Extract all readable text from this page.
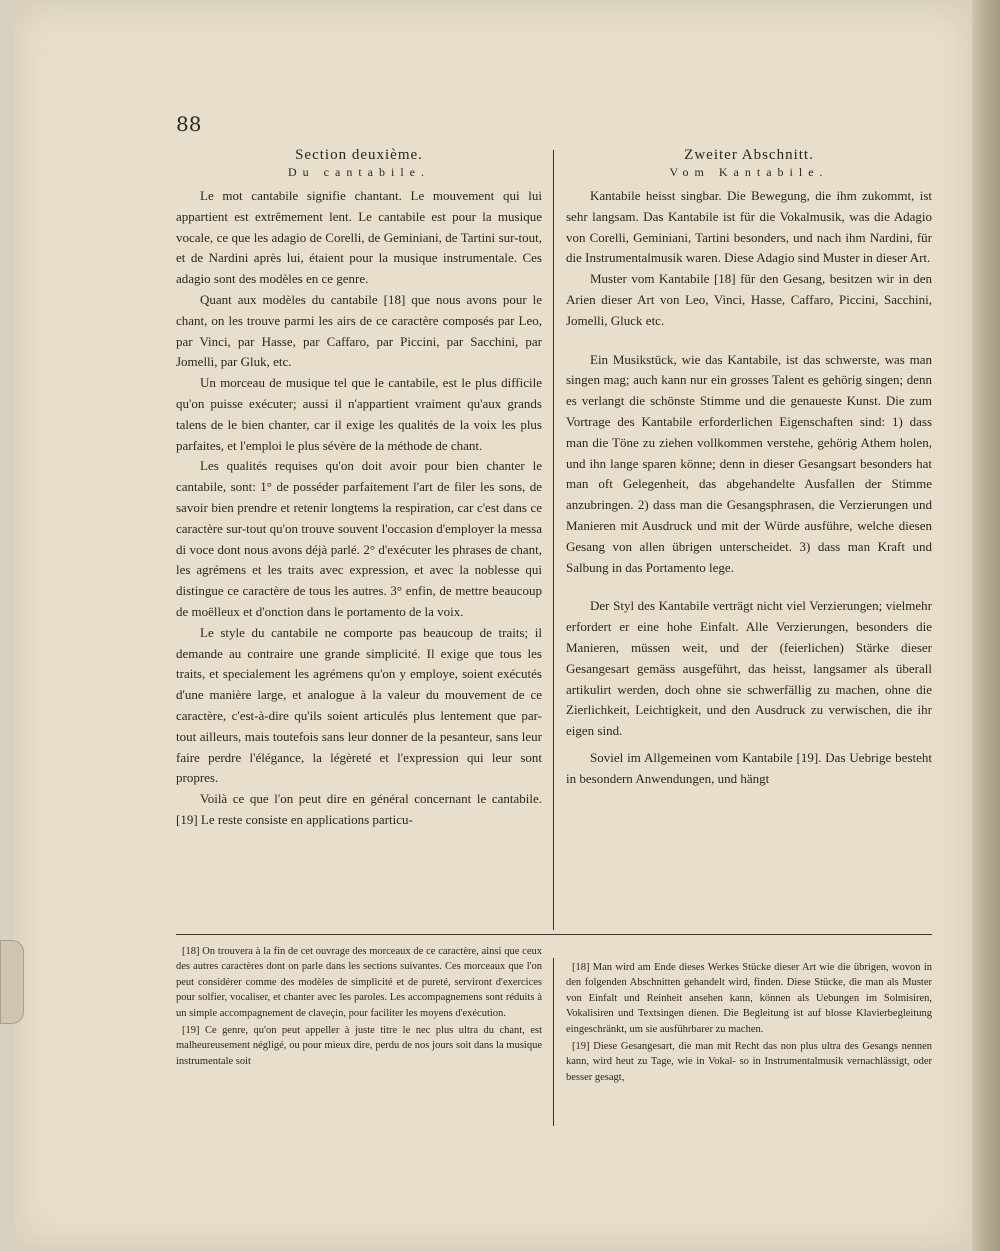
88

Section deuxième.

Du cantabile.

Le mot cantabile signifie chantant. Le mouvement qui lui appartient est extrêmement lent. Le cantabile est pour la musique vocale, ce que les adagio de Corelli, de Geminiani, de Tartini sur-tout, et de Nardini après lui, étaient pour la musique instrumentale. Ces adagio sont des modèles en ce genre.

Quant aux modèles du cantabile [18] que nous avons pour le chant, on les trouve parmi les airs de ce caractère composés par Leo, par Vinci, par Hasse, par Caffaro, par Piccini, par Sacchini, par Jomelli, par Gluk, etc.

Un morceau de musique tel que le cantabile, est le plus difficile qu'on puisse exécuter; aussi il n'appartient vraiment qu'aux grands talens de le bien chanter, car il exige les qualités de la voix les plus parfaites, et l'emploi le plus sévère de la méthode de chant.

Les qualités requises qu'on doit avoir pour bien chanter le cantabile, sont: 1° de posséder parfaitement l'art de filer les sons, de savoir bien prendre et retenir longtems la respiration, car c'est dans ce caractère sur-tout qu'on trouve souvent l'occasion d'employer la messa di voce dont nous avons déjà parlé. 2° d'exécuter les phrases de chant, les agrémens et les traits avec expression, et avec la noblesse qui distingue ce caractère de tous les autres. 3° enfin, de mettre beaucoup de moëlleux et d'onction dans le portamento de la voix.

Le style du cantabile ne comporte pas beaucoup de traits; il demande au contraire une grande simplicité. Il exige que tous les traits, et specialement les agrémens qu'on y employe, soient exécutés d'une manière large, et analogue à la valeur du mouvement de ce caractère, c'est-à-dire qu'ils soient articulés plus lentement que par-tout ailleurs, mais toutefois sans leur donner de la pesanteur, sans leur faire perdre l'élégance, la légèreté et l'expression qui leur sont propres.

Voilà ce que l'on peut dire en général concernant le cantabile. [19] Le reste consiste en applications particu-

Zweiter Abschnitt.

Vom Kantabile.

Kantabile heisst singbar. Die Bewegung, die ihm zukommt, ist sehr langsam. Das Kantabile ist für die Vokalmusik, was die Adagio von Corelli, Geminiani, Tartini besonders, und nach ihm Nardini, für die Instrumentalmusik waren. Diese Adagio sind Muster in dieser Art.

Muster vom Kantabile [18] für den Gesang, besitzen wir in den Arien dieser Art von Leo, Vinci, Hasse, Caffaro, Piccini, Sacchini, Jomelli, Gluck etc.

Ein Musikstück, wie das Kantabile, ist das schwerste, was man singen mag; auch kann nur ein grosses Talent es gehörig singen; denn es verlangt die schönste Stimme und die genaueste Kunst. Die zum Vortrage des Kantabile erforderlichen Eigenschaften sind: 1) dass man die Töne zu ziehen vollkommen verstehe, gehörig Athem holen, und ihn lange sparen könne; denn in dieser Gesangsart besonders hat man oft Gelegenheit, das abgehandelte Ausfallen der Stimme anzubringen. 2) dass man die Gesangsphrasen, die Verzierungen und Manieren mit Ausdruck und mit der Würde ausführe, welche diesen Gesang von allen übrigen unterscheidet. 3) dass man Kraft und Salbung in das Portamento lege.

Der Styl des Kantabile verträgt nicht viel Verzierungen; vielmehr erfordert er eine hohe Einfalt. Alle Verzierungen, besonders die Manieren, müssen weit, und der (feierlichen) Stärke dieser Gesangesart gemäss ausgeführt, das heisst, langsamer als überall artikulirt werden, doch ohne sie schwerfällig zu machen, ohne die Zierlichkeit, Leichtigkeit, und den Ausdruck zu verwischen, die ihr eigen sind.

Soviel im Allgemeinen vom Kantabile [19]. Das Uebrige besteht in besondern Anwendungen, und hängt

[18] On trouvera à la fin de cet ouvrage des morceaux de ce caractère, ainsi que ceux des autres caractères dont on parle dans les sections suivantes. Ces morceaux que l'on peut considérer comme des modèles de simplicité et de pureté, serviront d'exercices pour solfier, vocaliser, et chanter avec les paroles. Les accompagnemens sont réduits à un simple accompagnement de claveçin, pour faciliter les moyens d'exécution.

[19] Ce genre, qu'on peut appeller à juste titre le nec plus ultra du chant, est malheureusement négligé, ou pour mieux dire, perdu de nos jours soit dans la musique instrumentale soit

[18] Man wird am Ende dieses Werkes Stücke dieser Art wie die übrigen, wovon in den folgenden Abschnitten gehandelt wird, finden. Diese Stücke, die man als Muster von Einfalt und Reinheit ansehen kann, können als Uebungen im Solmisiren, Vokalisiren und Textsingen dienen. Die Begleitung ist auf blosse Klavierbegleitung eingeschränkt, um sie ausführbarer zu machen.

[19] Diese Gesangesart, die man mit Recht das non plus ultra des Gesangs nennen kann, wird heut zu Tage, wie in Vokal- so in Instrumentalmusik vernachlässigt, oder besser gesagt,
